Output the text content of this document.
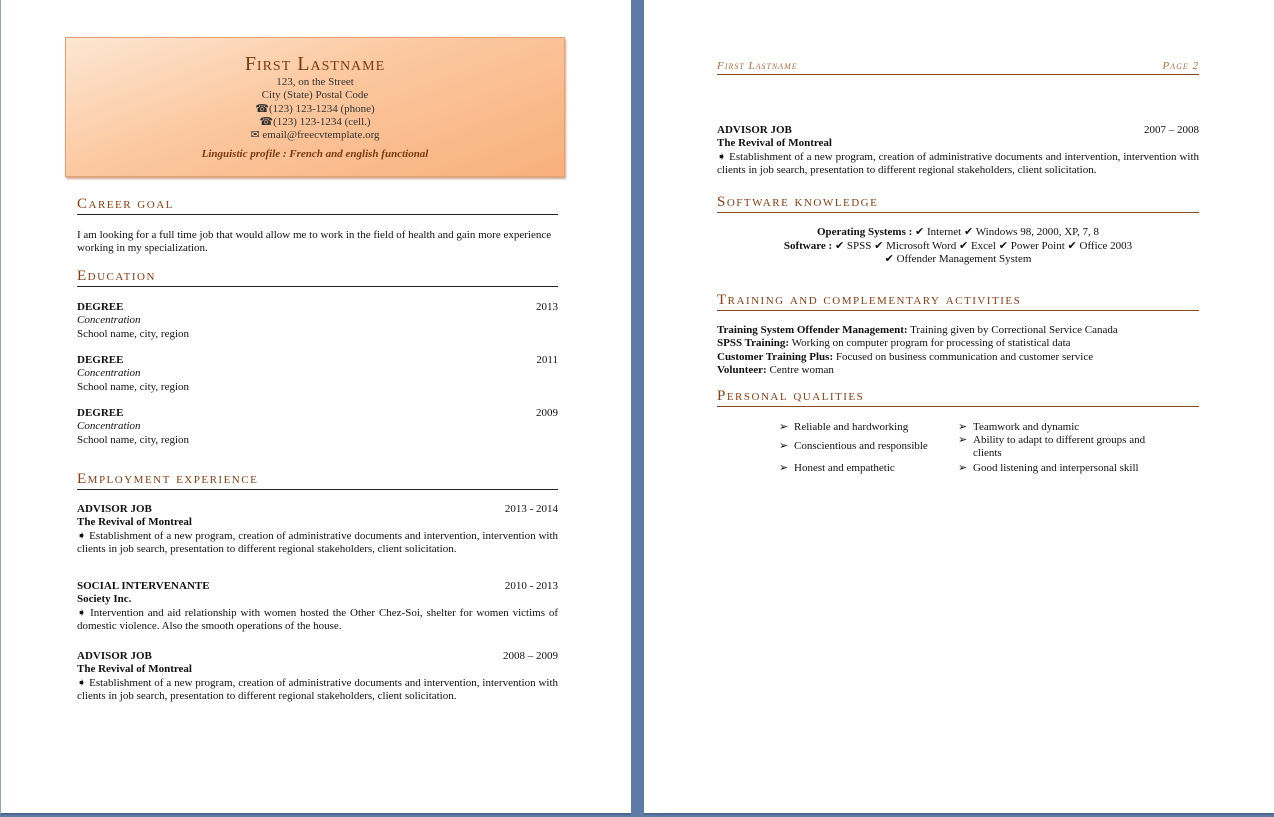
First Lastname
123, on the Street
City (State) Postal Code
☎(123) 123-1234 (phone)
☎(123) 123-1234 (cell.)
✉ email@freecvtemplate.org
Linguistic profile : French and english functional
Career goal
I am looking for a full time job that would allow me to work in the field of health and gain more experience working in my specialization.
Education
DEGREE	2013
Concentration
School name, city, region
DEGREE	2011
Concentration
School name, city, region
DEGREE	2009
Concentration
School name, city, region
Employment experience
ADVISOR JOB	2013 - 2014
The Revival of Montreal
➧ Establishment of a new program, creation of administrative documents and intervention, intervention with clients in job search, presentation to different regional stakeholders, client solicitation.
SOCIAL INTERVENANTE	2010 - 2013
Society Inc.
➧ Intervention and aid relationship with women hosted the Other Chez-Soi, shelter for women victims of domestic violence. Also the smooth operations of the house.
ADVISOR JOB	2008 – 2009
The Revival of Montreal
➧ Establishment of a new program, creation of administrative documents and intervention, intervention with clients in job search, presentation to different regional stakeholders, client solicitation.
First Lastname	Page 2
ADVISOR JOB	2007 – 2008
The Revival of Montreal
➧ Establishment of a new program, creation of administrative documents and intervention, intervention with clients in job search, presentation to different regional stakeholders, client solicitation.
Software knowledge
Operating Systems : ✔ Internet ✔ Windows 98, 2000, XP, 7, 8
Software : ✔ SPSS ✔ Microsoft Word ✔ Excel ✔ Power Point ✔ Office 2003
✔ Offender Management System
Training and complementary activities
Training System Offender Management: Training given by Correctional Service Canada
SPSS Training: Working on computer program for processing of statistical data
Customer Training Plus: Focused on business communication and customer service
Volunteer: Centre woman
Personal qualities
➢ Reliable and hardworking
➢ Conscientious and responsible
➢ Honest and empathetic
➢ Teamwork and dynamic
➢ Ability to adapt to different groups and clients
➢ Good listening and interpersonal skill
